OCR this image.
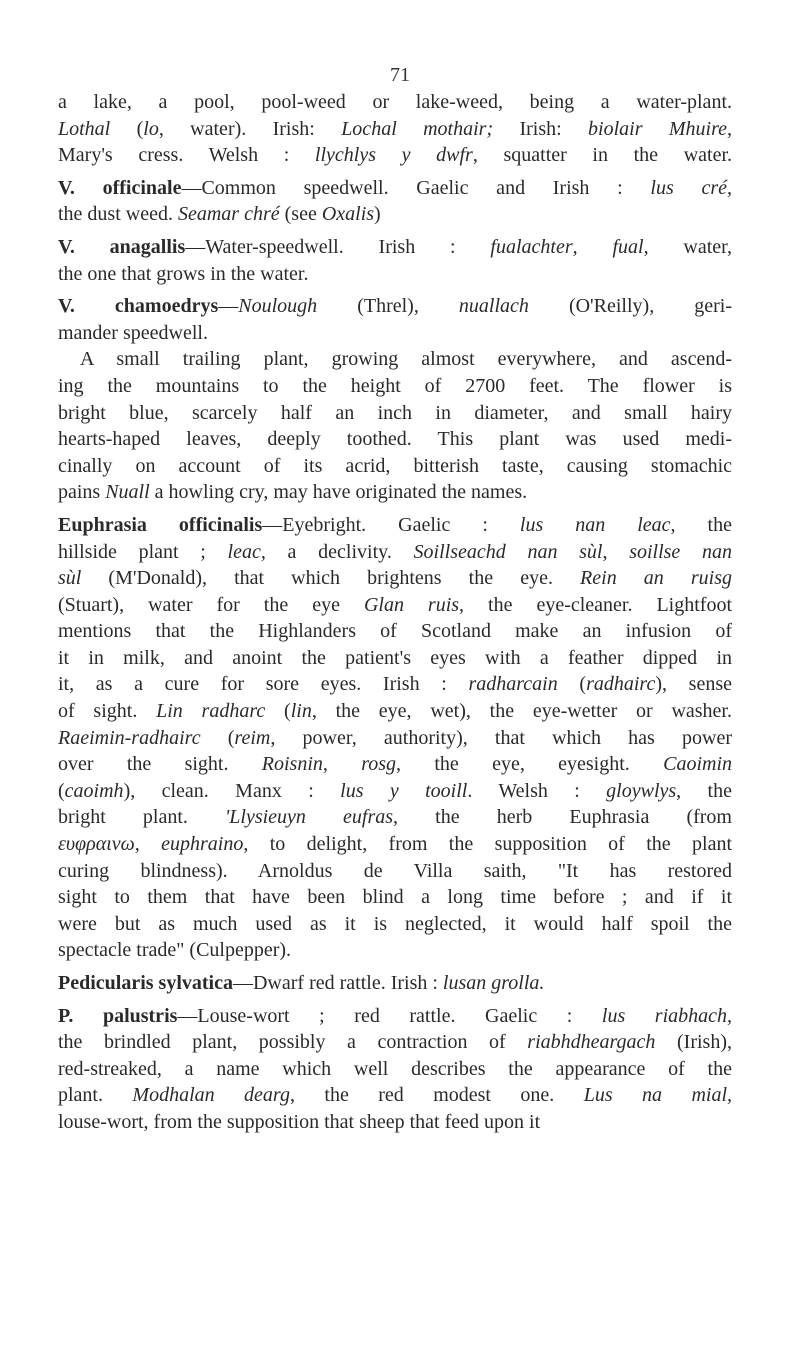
71
a lake, a pool, pool-weed or lake-weed, being a water-plant.
Lothal (lo, water). Irish: Lochal mothair; Irish: biolair Mhuire,
Mary's cress. Welsh : llychlys y dwfr, squatter in the water.
V. officinale—Common speedwell. Gaelic and Irish : lus cré,
the dust weed. Seamar chré (see Oxalis)
V. anagallis—Water-speedwell. Irish : fualachter, fual, water,
the one that grows in the water.
V. chamoedrys—Noulough (Threl), nuallach (O'Reilly), geri-
mander speedwell.
A small trailing plant, growing almost everywhere, and ascend-
ing the mountains to the height of 2700 feet. The flower is
bright blue, scarcely half an inch in diameter, and small hairy
hearts-haped leaves, deeply toothed. This plant was used medi-
cinally on account of its acrid, bitterish taste, causing stomachic
pains Nuall a howling cry, may have originated the names.
Euphrasia officinalis—Eyebright. Gaelic : lus nan leac, the
hillside plant ; leac, a declivity. Soillseachd nan sùl, soillse nan
sùl (M'Donald), that which brightens the eye. Rein an ruisg
(Stuart), water for the eye Glan ruis, the eye-cleaner. Lightfoot
mentions that the Highlanders of Scotland make an infusion of
it in milk, and anoint the patient's eyes with a feather dipped in
it, as a cure for sore eyes. Irish : radharcain (radhairc), sense
of sight. Lin radharc (lin, the eye, wet), the eye-wetter or washer.
Raeimin-radhairc (reim, power, authority), that which has power
over the sight. Roisnin, rosg, the eye, eyesight. Caoimin
(caoimh), clean. Manx : lus y tooill. Welsh : gloywlys, the
bright plant. 'Llysieuyn eufras, the herb Euphrasia (from
ευφραινω, euphraino, to delight, from the supposition of the plant
curing blindness). Arnoldus de Villa saith, "It has restored
sight to them that have been blind a long time before ; and if it
were but as much used as it is neglected, it would half spoil the
spectacle trade" (Culpepper).
Pedicularis sylvatica—Dwarf red rattle. Irish : lusan grolla.
P. palustris—Louse-wort ; red rattle. Gaelic : lus riabhach,
the brindled plant, possibly a contraction of riabhdheargach (Irish),
red-streaked, a name which well describes the appearance of the
plant. Modhalan dearg, the red modest one. Lus na mial,
louse-wort, from the supposition that sheep that feed upon it
